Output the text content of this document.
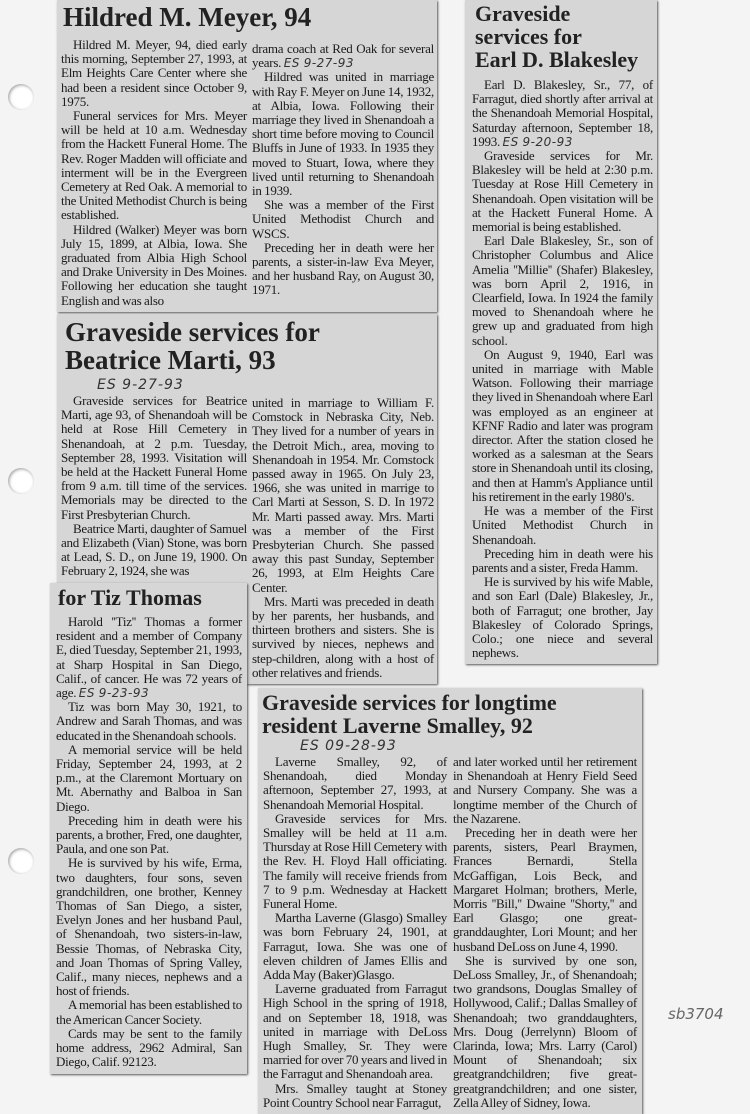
Hildred M. Meyer, 94

Hildred M. Meyer, 94, died early this morning, September 27, 1993, at Elm Heights Care Center where she had been a resident since October 9, 1975.

Funeral services for Mrs. Meyer will be held at 10 a.m. Wednesday from the Hackett Funeral Home. The Rev. Roger Madden will officiate and interment will be in the Evergreen Cemetery at Red Oak. A memorial to the United Methodist Church is being established.

Hildred (Walker) Meyer was born July 15, 1899, at Albia, Iowa. She graduated from Albia High School and Drake University in Des Moines. Following her education she taught English and was also

drama coach at Red Oak for several years. ES 9-27-93

Hildred was united in marriage with Ray F. Meyer on June 14, 1932, at Albia, Iowa. Following their marriage they lived in Shenandoah a short time before moving to Council Bluffs in June of 1933. In 1935 they moved to Stuart, Iowa, where they lived until returning to Shenandoah in 1939.

She was a member of the First United Methodist Church and WSCS.

Preceding her in death were her parents, a sister-in-law Eva Meyer, and her husband Ray, on August 30, 1971.

Graveside services for
Beatrice Marti, 93
ES 9-27-93

Graveside services for Beatrice Marti, age 93, of Shenandoah will be held at Rose Hill Cemetery in Shenandoah, at 2 p.m. Tuesday, September 28, 1993. Visitation will be held at the Hackett Funeral Home from 9 a.m. till time of the services. Memorials may be directed to the First Presbyterian Church.

Beatrice Marti, daughter of Samuel and Elizabeth (Vian) Stone, was born at Lead, S. D., on June 19, 1900. On February 2, 1924, she was

united in marriage to William F. Comstock in Nebraska City, Neb. They lived for a number of years in the Detroit Mich., area, moving to Shenandoah in 1954. Mr. Comstock passed away in 1965. On July 23, 1966, she was united in marrige to Carl Marti at Sesson, S. D. In 1972 Mr. Marti passed away. Mrs. Marti was a member of the First Presbyterian Church. She passed away this past Sunday, September 26, 1993, at Elm Heights Care Center.

Mrs. Marti was preceded in death by her parents, her husbands, and thirteen brothers and sisters. She is survived by nieces, nephews and step-children, along with a host of other relatives and friends.

Graveside
services for
Earl D. Blakesley

Earl D. Blakesley, Sr., 77, of Farragut, died shortly after arrival at the Shenandoah Memorial Hospital, Saturday afternoon, September 18, 1993. ES 9-20-93

Graveside services for Mr. Blakesley will be held at 2:30 p.m. Tuesday at Rose Hill Cemetery in Shenandoah. Open visitation will be at the Hackett Funeral Home. A memorial is being established.

Earl Dale Blakesley, Sr., son of Christopher Columbus and Alice Amelia ''Millie'' (Shafer) Blakesley, was born April 2, 1916, in Clearfield, Iowa. In 1924 the family moved to Shenandoah where he grew up and graduated from high school.

On August 9, 1940, Earl was united in marriage with Mable Watson. Following their marriage they lived in Shenandoah where Earl was employed as an engineer at KFNF Radio and later was program director. After the station closed he worked as a salesman at the Sears store in Shenandoah until its closing, and then at Hamm's Appliance until his retirement in the early 1980's.

He was a member of the First United Methodist Church in Shenandoah.

Preceding him in death were his parents and a sister, Freda Hamm.

He is survived by his wife Mable, and son Earl (Dale) Blakesley, Jr., both of Farragut; one brother, Jay Blakesley of Colorado Springs, Colo.; one niece and several nephews.

for Tiz Thomas

Harold ''Tiz'' Thomas a former resident and a member of Company E, died Tuesday, September 21, 1993, at Sharp Hospital in San Diego, Calif., of cancer. He was 72 years of age. ES 9-23-93

Tiz was born May 30, 1921, to Andrew and Sarah Thomas, and was educated in the Shenandoah schools.

A memorial service will be held Friday, September 24, 1993, at 2 p.m., at the Claremont Mortuary on Mt. Abernathy and Balboa in San Diego.

Preceding him in death were his parents, a brother, Fred, one daughter, Paula, and one son Pat.

He is survived by his wife, Erma, two daughters, four sons, seven grandchildren, one brother, Kenney Thomas of San Diego, a sister, Evelyn Jones and her husband Paul, of Shenandoah, two sisters-in-law, Bessie Thomas, of Nebraska City, and Joan Thomas of Spring Valley, Calif., many nieces, nephews and a host of friends.

A memorial has been established to the American Cancer Society.

Cards may be sent to the family home address, 2962 Admiral, San Diego, Calif. 92123.

Graveside services for longtime
resident Laverne Smalley, 92
ES 09-28-93

Laverne Smalley, 92, of Shenandoah, died Monday afternoon, September 27, 1993, at Shenandoah Memorial Hospital.

Graveside services for Mrs. Smalley will be held at 11 a.m. Thursday at Rose Hill Cemetery with the Rev. H. Floyd Hall officiating. The family will receive friends from 7 to 9 p.m. Wednesday at Hackett Funeral Home.

Martha Laverne (Glasgo) Smalley was born February 24, 1901, at Farragut, Iowa. She was one of eleven children of James Ellis and Adda May (Baker)Glasgo.

Laverne graduated from Farragut High School in the spring of 1918, and on September 18, 1918, was united in marriage with DeLoss Hugh Smalley, Sr. They were married for over 70 years and lived in the Farragut and Shenandoah area.

Mrs. Smalley taught at Stoney Point Country School near Farragut,

and later worked until her retirement in Shenandoah at Henry Field Seed and Nursery Company. She was a longtime member of the Church of the Nazarene.

Preceding her in death were her parents, sisters, Pearl Braymen, Frances Bernardi, Stella McGaffigan, Lois Beck, and Margaret Holman; brothers, Merle, Morris ''Bill,'' Dwaine ''Shorty,'' and Earl Glasgo; one great-granddaughter, Lori Mount; and her husband DeLoss on June 4, 1990.

She is survived by one son, DeLoss Smalley, Jr., of Shenandoah; two grandsons, Douglas Smalley of Hollywood, Calif.; Dallas Smalley of Shenandoah; two granddaughters, Mrs. Doug (Jerrelynn) Bloom of Clarinda, Iowa; Mrs. Larry (Carol) Mount of Shenandoah; six greatgrandchildren; five great-greatgrandchildren; and one sister, Zella Alley of Sidney, Iowa.

sb3704
